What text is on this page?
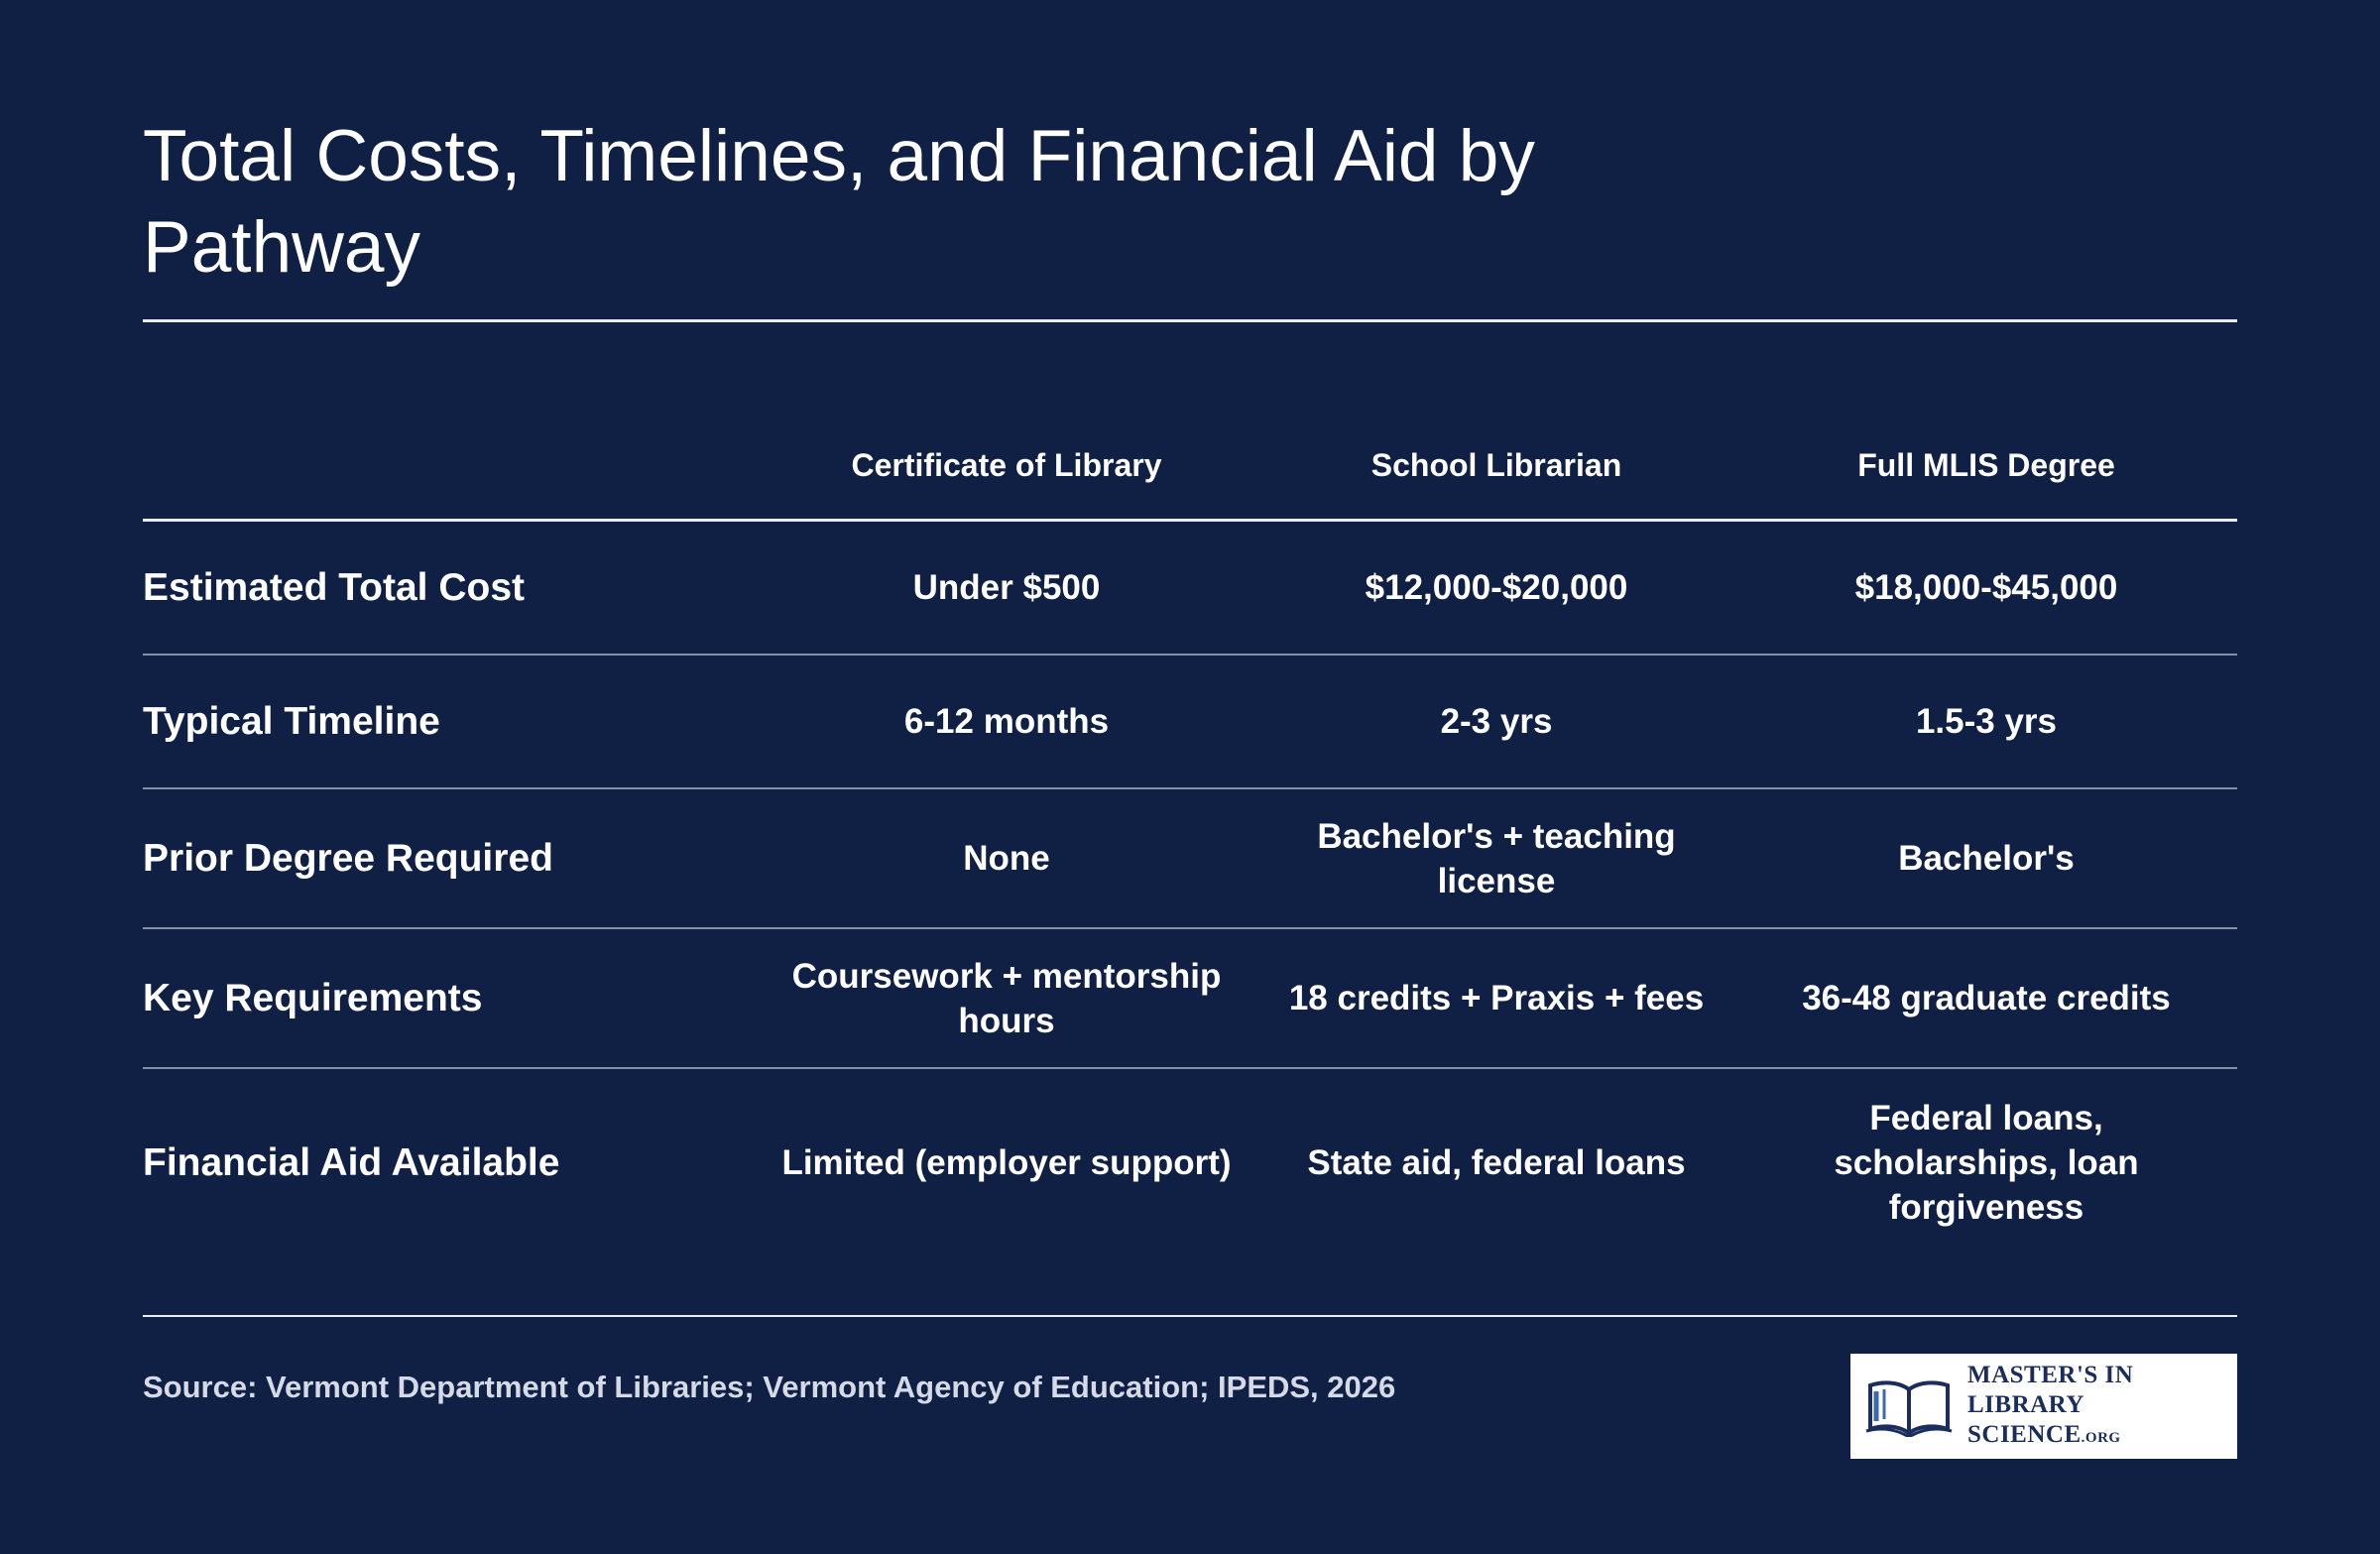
Total Costs, Timelines, and Financial Aid by Pathway
	Certificate of Library	School Librarian	Full MLIS Degree
Estimated Total Cost	Under $500	$12,000-$20,000	$18,000-$45,000
Typical Timeline	6-12 months	2-3 yrs	1.5-3 yrs
Prior Degree Required	None	Bachelor's + teaching license	Bachelor's
Key Requirements	Coursework + mentorship hours	18 credits + Praxis + fees	36-48 graduate credits
Financial Aid Available	Limited (employer support)	State aid, federal loans	Federal loans, scholarships, loan forgiveness

Source: Vermont Department of Libraries; Vermont Agency of Education; IPEDS, 2026	MASTER'S IN
LIBRARY SCIENCE.ORG
